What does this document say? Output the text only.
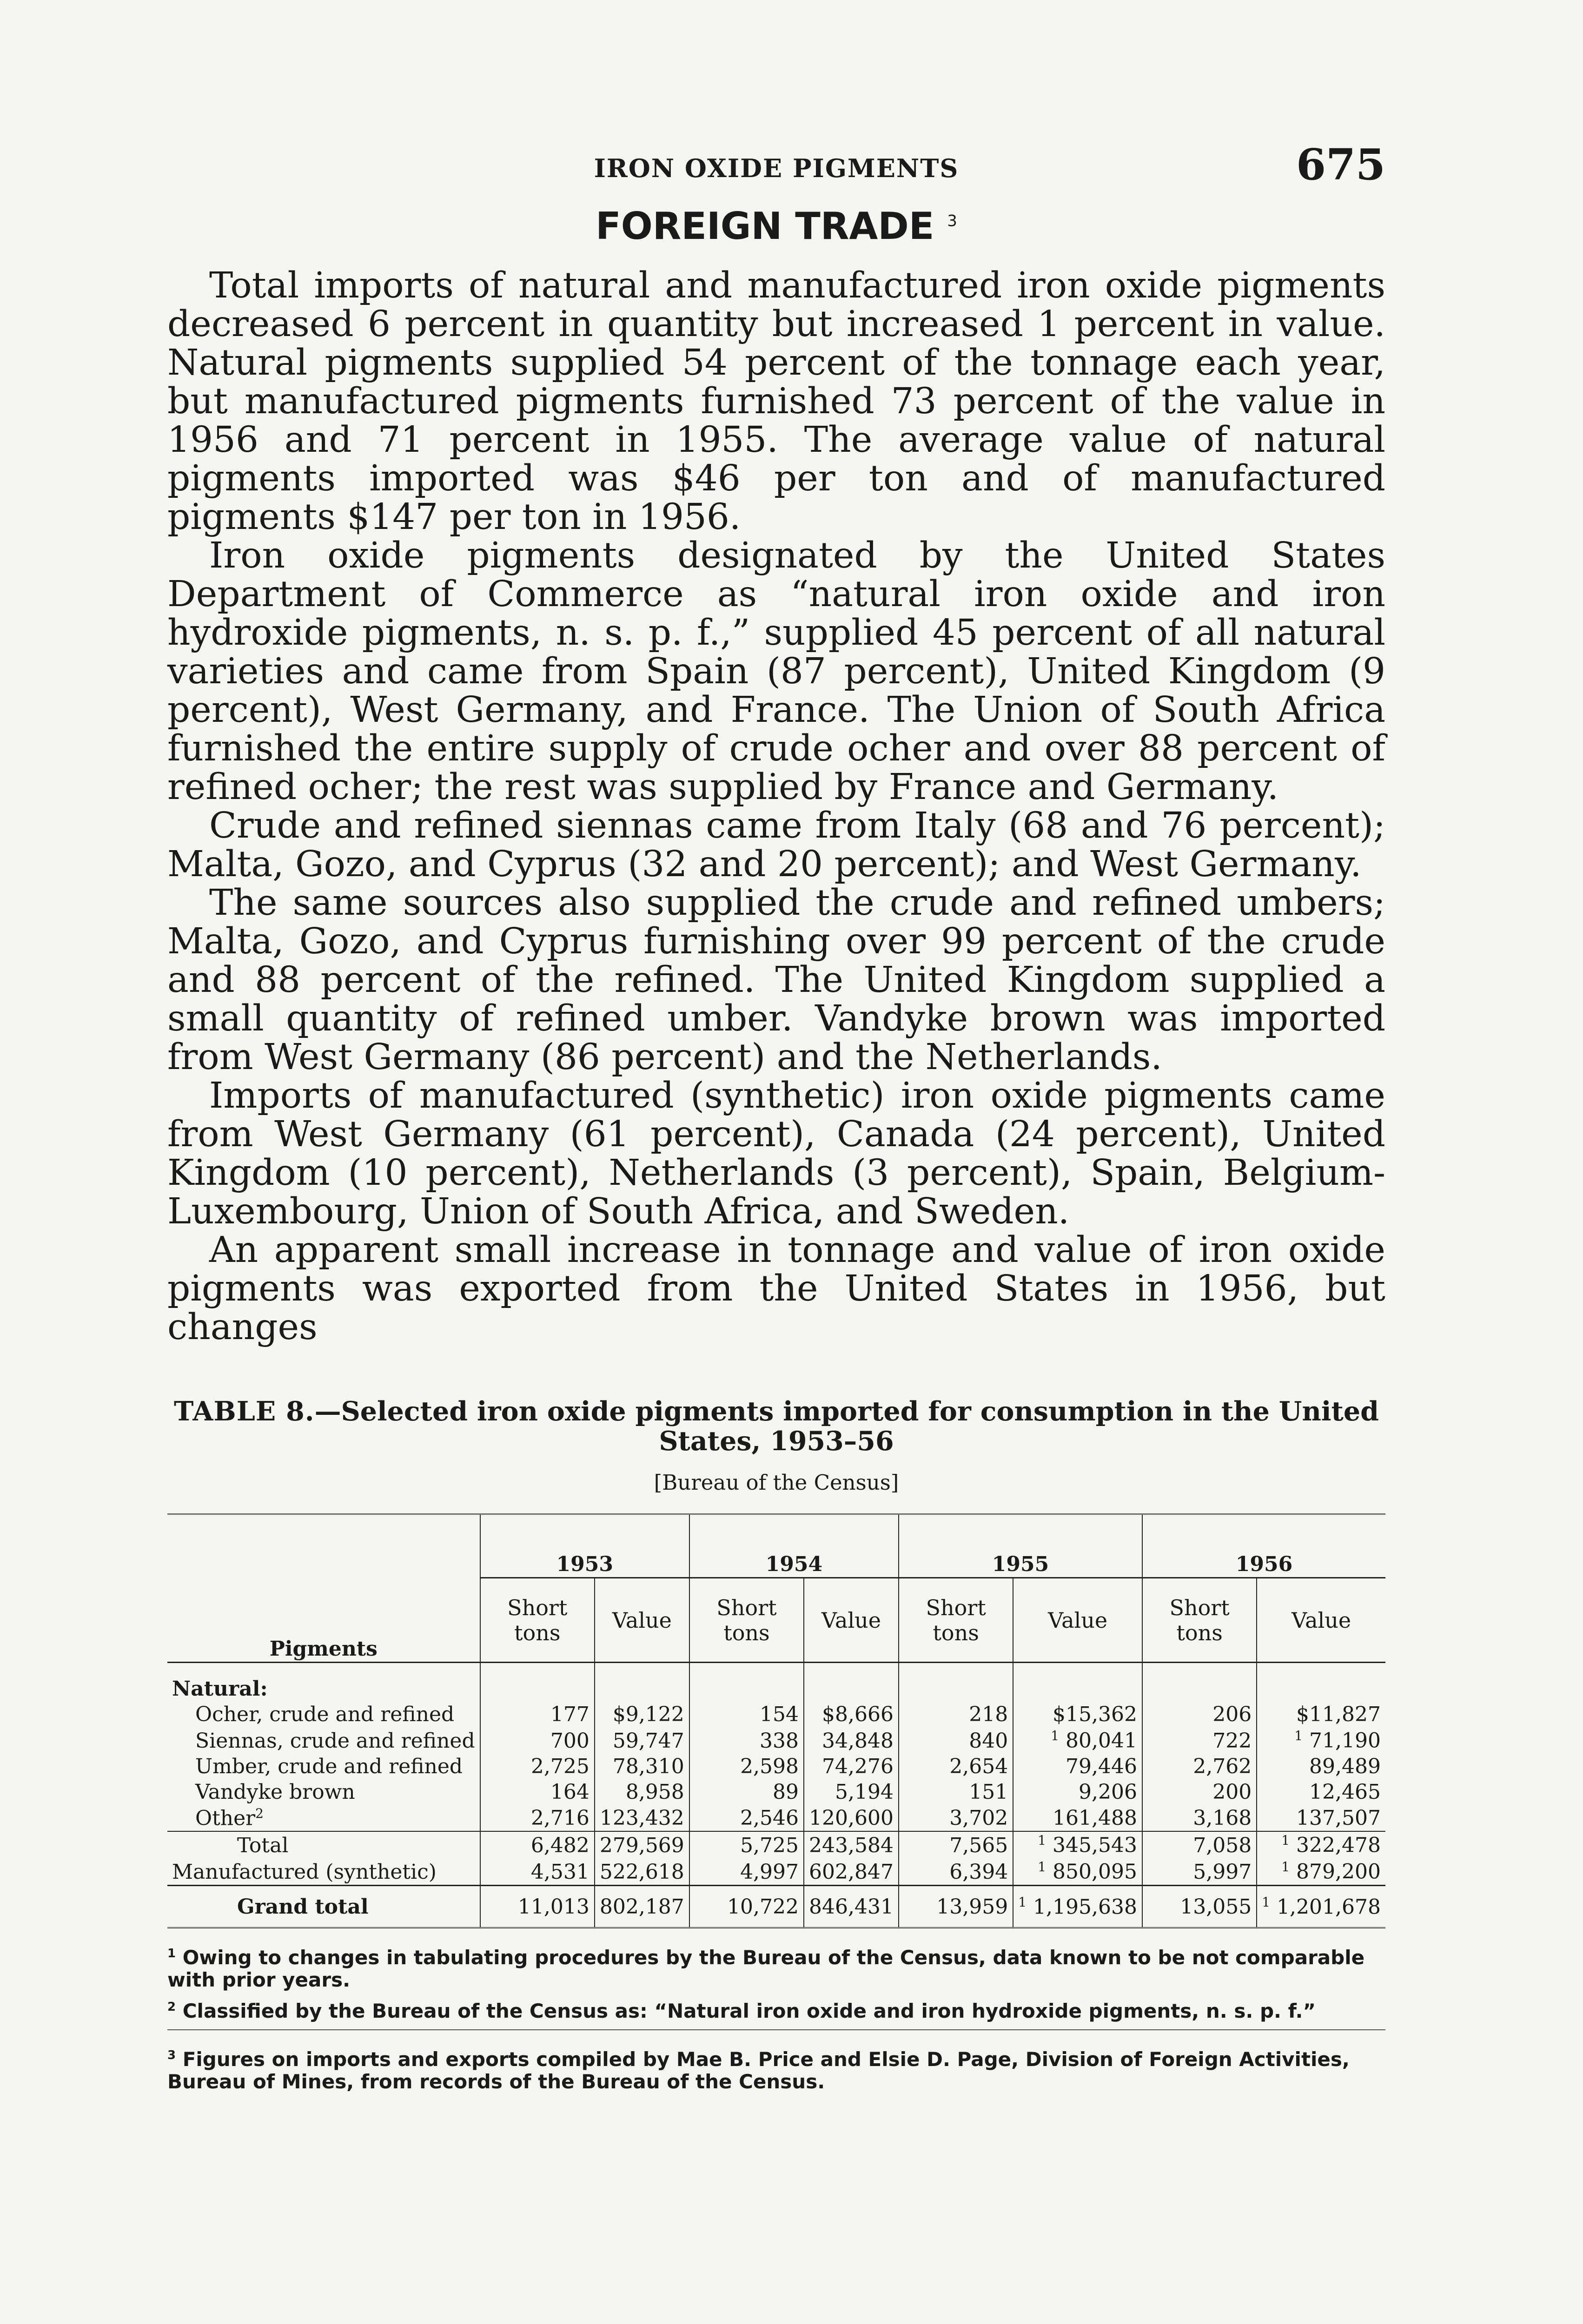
IRON OXIDE PIGMENTS	675
FOREIGN TRADE $^3$

Total imports of natural and manufactured iron oxide pigments decreased 6 percent in quantity but increased 1 percent in value. Natural pigments supplied 54 percent of the tonnage each year, but manufactured pigments furnished 73 percent of the value in 1956 and 71 percent in 1955. The average value of natural pigments imported was $46 per ton and of manufactured pigments $147 per ton in 1956.

Iron oxide pigments designated by the United States Department of Commerce as “natural iron oxide and iron hydroxide pigments, n. s. p. f.,” supplied 45 percent of all natural varieties and came from Spain (87 percent), United Kingdom (9 percent), West Germany, and France. The Union of South Africa furnished the entire supply of crude ocher and over 88 percent of refined ocher; the rest was supplied by France and Germany.

Crude and refined siennas came from Italy (68 and 76 percent); Malta, Gozo, and Cyprus (32 and 20 percent); and West Germany.

The same sources also supplied the crude and refined umbers; Malta, Gozo, and Cyprus furnishing over 99 percent of the crude and 88 percent of the refined. The United Kingdom supplied a small quantity of refined umber. Vandyke brown was imported from West Germany (86 percent) and the Netherlands.

Imports of manufactured (synthetic) iron oxide pigments came from West Germany (61 percent), Canada (24 percent), United Kingdom (10 percent), Netherlands (3 percent), Spain, Belgium-Luxembourg, Union of South Africa, and Sweden.

An apparent small increase in tonnage and value of iron oxide pigments was exported from the United States in 1956, but changes

TABLE 8.—Selected iron oxide pigments imported for consumption in the United States, 1953–56
[Bureau of the Census]
Pigments	1953		1954		1955		1956	
	Short tons	Value	Short tons	Value	Short tons	Value	Short tons	Value
Natural:								
Ocher, crude and refined	177	$9,122	154	$8,666	218	$15,362	206	$11,827
Siennas, crude and refined	700	59,747	338	34,848	840	$^1$ 80,041	722	$^1$ 71,190
Umber, crude and refined	2,725	78,310	2,598	74,276	2,654	79,446	2,762	89,489
Vandyke brown	164	8,958	89	5,194	151	9,206	200	12,465
Other$^2$	2,716	123,432	2,546	120,600	3,702	161,488	3,168	137,507
Total	6,482	279,569	5,725	243,584	7,565	$^1$ 345,543	7,058	$^1$ 322,478
Manufactured (synthetic)	4,531	522,618	4,997	602,847	6,394	$^1$ 850,095	5,997	$^1$ 879,200
Grand total	11,013	802,187	10,722	846,431	13,959	$^1$ 1,195,638	13,055	$^1$ 1,201,678

$^1$ Owing to changes in tabulating procedures by the Bureau of the Census, data known to be not comparable with prior years.

$^2$ Classified by the Bureau of the Census as: “Natural iron oxide and iron hydroxide pigments, n. s. p. f.”

$^3$ Figures on imports and exports compiled by Mae B. Price and Elsie D. Page, Division of Foreign Activities, Bureau of Mines, from records of the Bureau of the Census.
